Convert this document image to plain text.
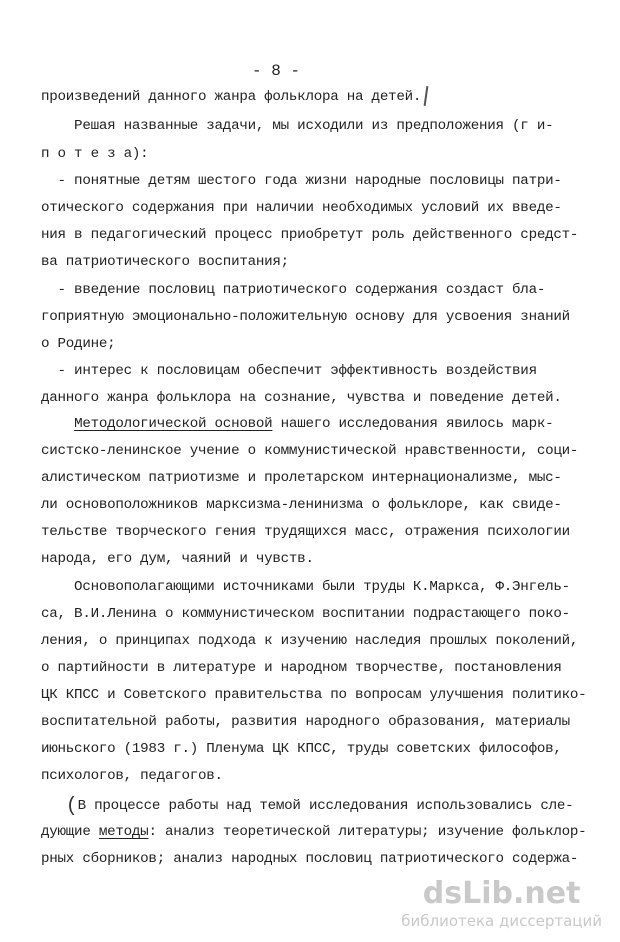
- 8 -
произведений данного жанра фольклора на детей.
Решая названные задачи, мы исходили из предположения (г и-
п о т е з а):
- понятные детям шестого года жизни народные пословицы патри-
отического содержания при наличии необходимых условий их введе-
ния в педагогический процесс приобретут роль действенного средст-
ва патриотического воспитания;
- введение пословиц патриотического содержания создаст бла-
гоприятную эмоционально-положительную основу для усвоения знаний
о Родине;
- интерес к пословицам обеспечит эффективность воздействия
данного жанра фольклора на сознание, чувства и поведение детей.
Методологической основой нашего исследования явилось марк-
систско-ленинское учение о коммунистической нравственности, соци-
алистическом патриотизме и пролетарском интернационализме, мыс-
ли основоположников марксизма-ленинизма о фольклоре, как свиде-
тельстве творческого гения трудящихся масс, отражения психологии
народа, его дум, чаяний и чувств.
Основополагающими источниками были труды К.Маркса, Ф.Энгель-
са, В.И.Ленина о коммунистическом воспитании подрастающего поко-
ления, о принципах подхода к изучению наследия прошлых поколений,
о партийности в литературе и народном творчестве, постановления
ЦК КПСС и Советского правительства по вопросам улучшения политико-
воспитательной работы, развития народного образования, материалы
июньского (1983 г.) Пленума ЦК КПСС, труды советских философов,
психологов, педагогов.
(В процессе работы над темой исследования использовались сле-
дующие методы: анализ теоретической литературы; изучение фольклор-
рных сборников; анализ народных пословиц патриотического содержа-
dsLib.net
библиотека диссертаций
